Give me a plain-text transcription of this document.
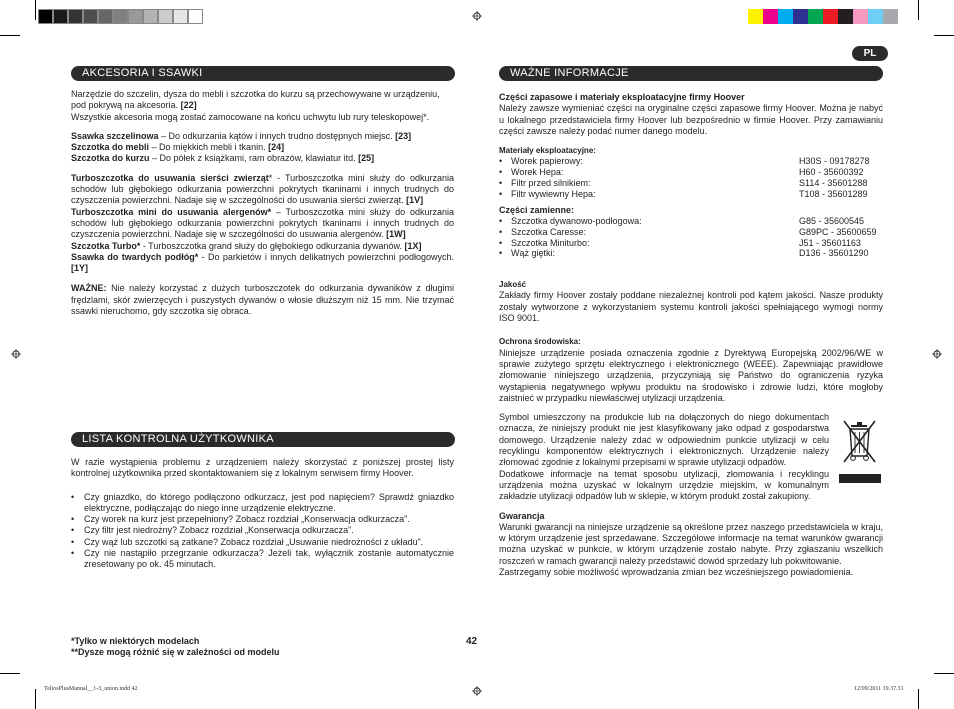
PL
AKCESORIA I SSAWKI

Narzędzie do szczelin, dysza do mebli i szczotka do kurzu są przechowywane w urządzeniu, pod pokrywą na akcesoria. [22]

Wszystkie akcesoria mogą zostać zamocowane na końcu uchwytu lub rury teleskopowej*.

Ssawka szczelinowa – Do odkurzania kątów i innych trudno dostępnych miejsc. [23]

Szczotka do mebli – Do miękkich mebli i tkanin. [24]

Szczotka do kurzu – Do półek z książkami, ram obrazów, klawiatur itd. [25]

Turboszczotka do usuwania sierści zwierząt* - Turboszczotka mini służy do odkurzania schodów lub głębokiego odkurzania powierzchni pokrytych tkaninami i innych trudnych do czyszczenia powierzchni. Nadaje się w szczególności do usuwania sierści zwierząt. [1V]

Turboszczotka mini do usuwania alergenów* – Turboszczotka mini służy do odkurzania schodów lub głębokiego odkurzania powierzchni pokrytych tkaninami i innych trudnych do czyszczenia powierzchni. Nadaje się w szczególności do usuwania alergenów. [1W]

Szczotka Turbo* - Turboszczotka grand służy do głębokiego odkurzania dywanów. [1X]

Ssawka do twardych podłóg* - Do parkietów i innych delikatnych powierzchni podłogowych. [1Y]

WAŻNE: Nie należy korzystać z dużych turboszczotek do odkurzania dywaników z długimi frędzlami, skór zwierzęcych i puszystych dywanów o włosie dłuższym niż 15 mm. Nie trzymać ssawki nieruchomo, gdy szczotka się obraca.

LISTA KONTROLNA UŻYTKOWNIKA

W razie wystąpienia problemu z urządzeniem należy skorzystać z poniższej prostej listy kontrolnej użytkownika przed skontaktowaniem się z lokalnym serwisem firmy Hoover.

• Czy gniazdko, do którego podłączono odkurzacz, jest pod napięciem? Sprawdź gniazdko elektryczne, podłączając do niego inne urządzenie elektryczne.
• Czy worek na kurz jest przepełniony? Zobacz rozdział „Konserwacja odkurzacza”.
• Czy filtr jest niedrożny? Zobacz rozdział „Konserwacja odkurzacza”.
• Czy wąż lub szczotki są zatkane? Zobacz rozdział „Usuwanie niedrożności z układu”.
• Czy nie nastąpiło przegrzanie odkurzacza? Jeżeli tak, wyłącznik zostanie automatycznie zresetowany po ok. 45 minutach.

*Tylko w niektórych modelach

**Dysze mogą różnić się w zależności od modelu

42
WAŻNE INFORMACJE

Części zapasowe i materiały eksploatacyjne firmy Hoover

Należy zawsze wymieniać części na oryginalne części zapasowe firmy Hoover. Można je nabyć u lokalnego przedstawiciela firmy Hoover lub bezpośrednio w firmie Hoover. Przy zamawianiu części zawsze należy podać numer danego modelu.

Materiały eksploatacyjne:

• Worek papierowy:	H30S - 09178278
• Worek Hepa:	H60 - 35600392
• Filtr przed silnikiem:	S114 - 35601288
• Filtr wywiewny Hepa:	T108 - 35601289

Części zamienne:

• Szczotka dywanowo-podłogowa:	G85 - 35600545
• Szczotka Caresse:	G89PC - 35600659
• Szczotka Miniturbo:	J51 - 35601163
• Wąż giętki:	D136 - 35601290

Jakość

Zakłady firmy Hoover zostały poddane niezależnej kontroli pod kątem jakości. Nasze produkty zostały wytworzone z wykorzystaniem systemu kontroli jakości spełniającego wymogi normy ISO 9001.

Ochrona środowiska:

Niniejsze urządzenie posiada oznaczenia zgodnie z Dyrektywą Europejską 2002/96/WE w sprawie zużytego sprzętu elektrycznego i elektronicznego (WEEE). Zapewniając prawidłowe złomowanie niniejszego urządzenia, przyczyniają się Państwo do ograniczenia ryzyka wystąpienia negatywnego wpływu produktu na środowisko i zdrowie ludzi, które mogłoby zaistnieć w przypadku niewłaściwej utylizacji urządzenia.

Symbol umieszczony na produkcie lub na dołączonych do niego dokumentach oznacza, że niniejszy produkt nie jest klasyfikowany jako odpad z gospodarstwa domowego. Urządzenie należy zdać w odpowiednim punkcie utylizacji w celu recyklingu komponentów elektrycznych i elektronicznych. Urządzenie należy złomować zgodnie z lokalnymi przepisami w sprawie utylizacji odpadów.

Dodatkowe informacje na temat sposobu utylizacji, złomowania i recyklingu urządzenia można uzyskać w lokalnym urzędzie miejskim, w komunalnym zakładzie utylizacji odpadów lub w sklepie, w którym produkt został zakupiony.

Gwarancja

Warunki gwarancji na niniejsze urządzenie są określone przez naszego przedstawiciela w kraju, w którym urządzenie jest sprzedawane. Szczegółowe informacje na temat warunków gwarancji można uzyskać w punkcie, w którym urządzenie zostało nabyte. Przy zgłaszaniu wszelkich roszczeń w ramach gwarancji należy przedstawić dowód sprzedaży lub pokwitowanie.

Zastrzegamy sobie możliwość wprowadzania zmian bez wcześniejszego powiadomienia.

TeliosPlusManual__1-3_union.indd 42	12/09/2011 19.37.31
